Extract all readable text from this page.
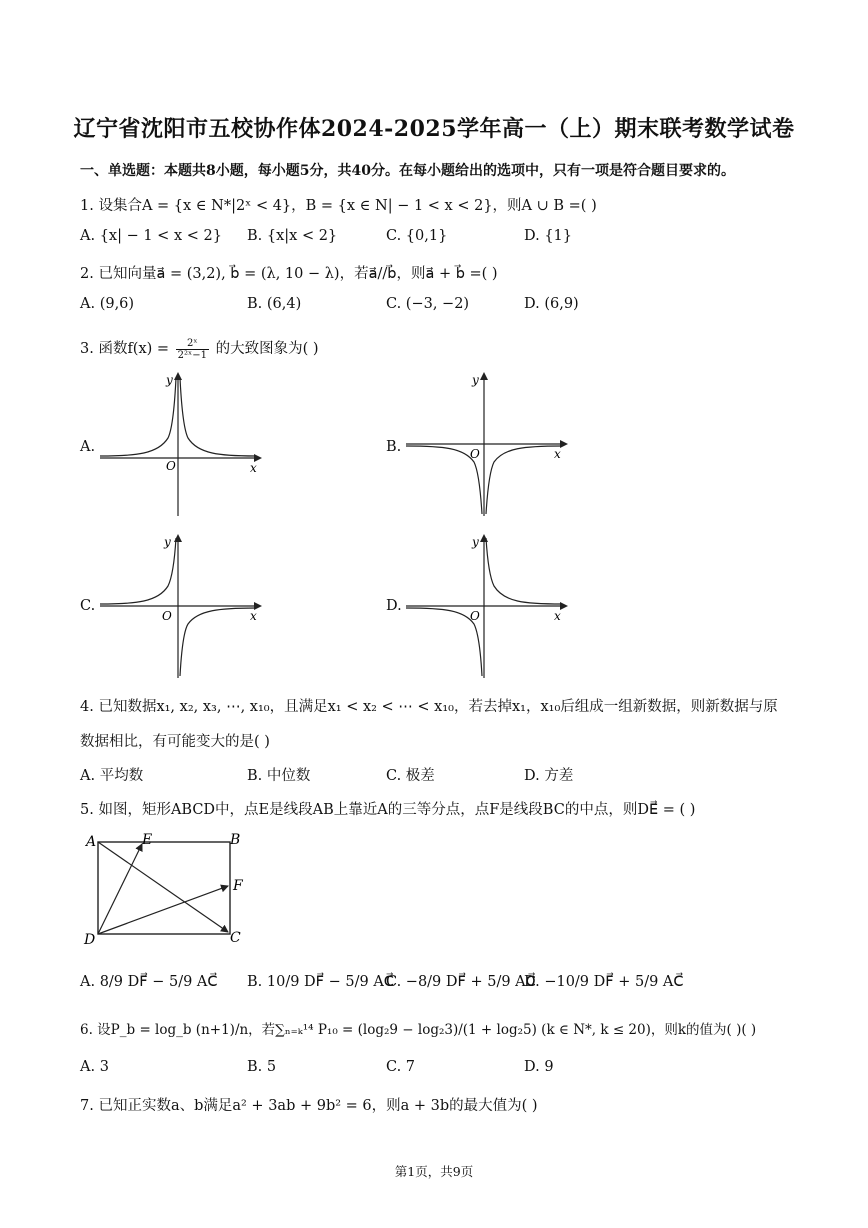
辽宁省沈阳市五校协作体2024-2025学年高一（上）期末联考数学试卷
一、单选题：本题共8小题，每小题5分，共40分。在每小题给出的选项中，只有一项是符合题目要求的。
1. 设集合A = {x ∈ N*|2ˣ < 4}，B = {x ∈ N| − 1 < x < 2}，则A ∪ B =( )
A. {x| − 1 < x < 2} B. {x|x < 2}	C. {0,1}	D. {1}
2. 已知向量a⃗ = (3,2), b⃗ = (λ, 10 − λ)，若a⃗//b⃗，则a⃗ + b⃗ =( )
A. (9,6)	B. (6,4)	C. (−3, −2)	D. (6,9)
3. 函数$f(x) = \frac{\text{2ˣ}}{\text{2²ˣ−1}}$ 的大致图象为( )
A.	B.
C.	D.
O	x
y
O	x
y
O	x
y
O	x
y
4. 已知数据x₁, x₂, x₃, ⋯, x₁₀，且满足x₁ < x₂ < ⋯ < x₁₀，若去掉x₁，x₁₀后组成一组新数据，则新数据与原
数据相比，有可能变大的是( )
A. 平均数	B. 中位数	C. 极差	D. 方差
5. 如图，矩形ABCD中，点E是线段AB上靠近A的三等分点，点F是线段BC的中点，则DE⃗ = ( )
A	E	B
F
C
D
A. 8/9 DF⃗ − 5/9 AC⃗ B. 10/9 DF⃗ − 5/9 AC⃗
C. −8/9 DF⃗ + 5/9 AC⃗
D. −10/9 DF⃗ + 5/9 AC⃗
6. 设P_b = log_b (n+1)/n，若∑ₙ₌ₖ¹⁴ P₁₀ = (log₂9 − log₂3)/(1 + log₂5) (k ∈ N*, k ≤ 20)，则k的值为( )( )
A. 3	B. 5	C. 7	D. 9
7. 已知正实数a、b满足a² + 3ab + 9b² = 6，则a + 3b的最大值为( )
第1页，共9页
